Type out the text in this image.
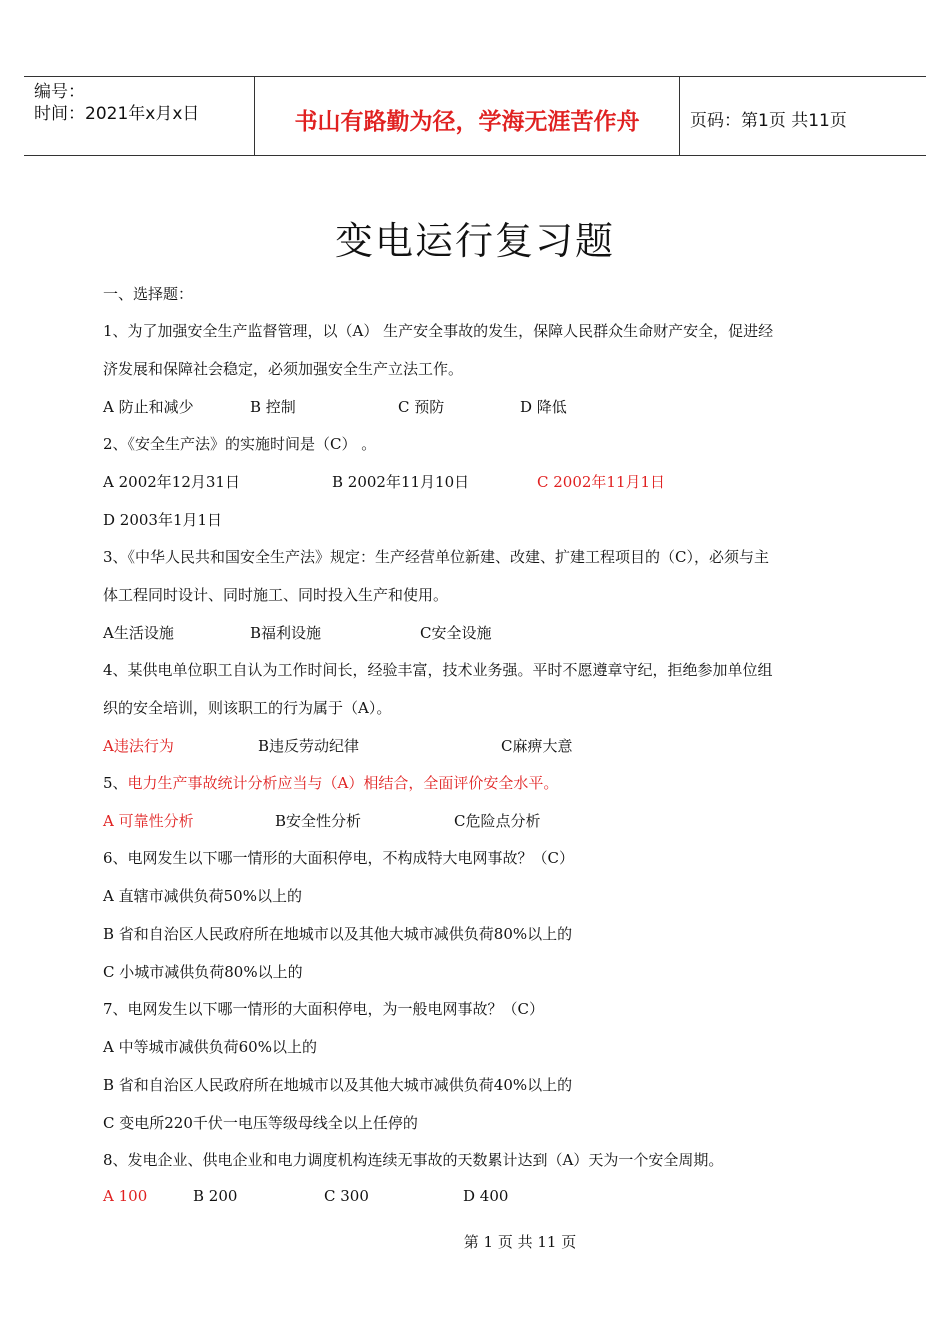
编号：
时间：2021年x月x日	书山有路勤为径，学海无涯苦作舟	页码：第1页 共11页
变电运行复习题
一、选择题：
1、为了加强安全生产监督管理，以（A） 生产安全事故的发生，保障人民群众生命财产安全，促进经
济发展和保障社会稳定，必须加强安全生产立法工作。
A 防止和减少	B 控制	C 预防	D 降低
2、《安全生产法》的实施时间是（C） 。
A 2002年12月31日	B 2002年11月10日	C 2002年11月1日
D 2003年1月1日
3、《中华人民共和国安全生产法》规定：生产经营单位新建、改建、扩建工程项目的（C），必须与主
体工程同时设计、同时施工、同时投入生产和使用。
A生活设施	B福利设施	C安全设施
4、某供电单位职工自认为工作时间长，经验丰富，技术业务强。平时不愿遵章守纪，拒绝参加单位组
织的安全培训，则该职工的行为属于（A）。
A违法行为	B违反劳动纪律	C麻痹大意
5、电力生产事故统计分析应当与（A）相结合，全面评价安全水平。
A 可靠性分析	B安全性分析	C危险点分析
6、电网发生以下哪一情形的大面积停电，不构成特大电网事故？（C）
A 直辖市减供负荷50%以上的
B 省和自治区人民政府所在地城市以及其他大城市减供负荷80%以上的
C 小城市减供负荷80%以上的
7、电网发生以下哪一情形的大面积停电，为一般电网事故？（C）
A 中等城市减供负荷60%以上的
B 省和自治区人民政府所在地城市以及其他大城市减供负荷40%以上的
C 变电所220千伏一电压等级母线全以上任停的
8、发电企业、供电企业和电力调度机构连续无事故的天数累计达到（A）天为一个安全周期。
A 100	B 200	C 300	D 400
第 1 页 共 11 页
